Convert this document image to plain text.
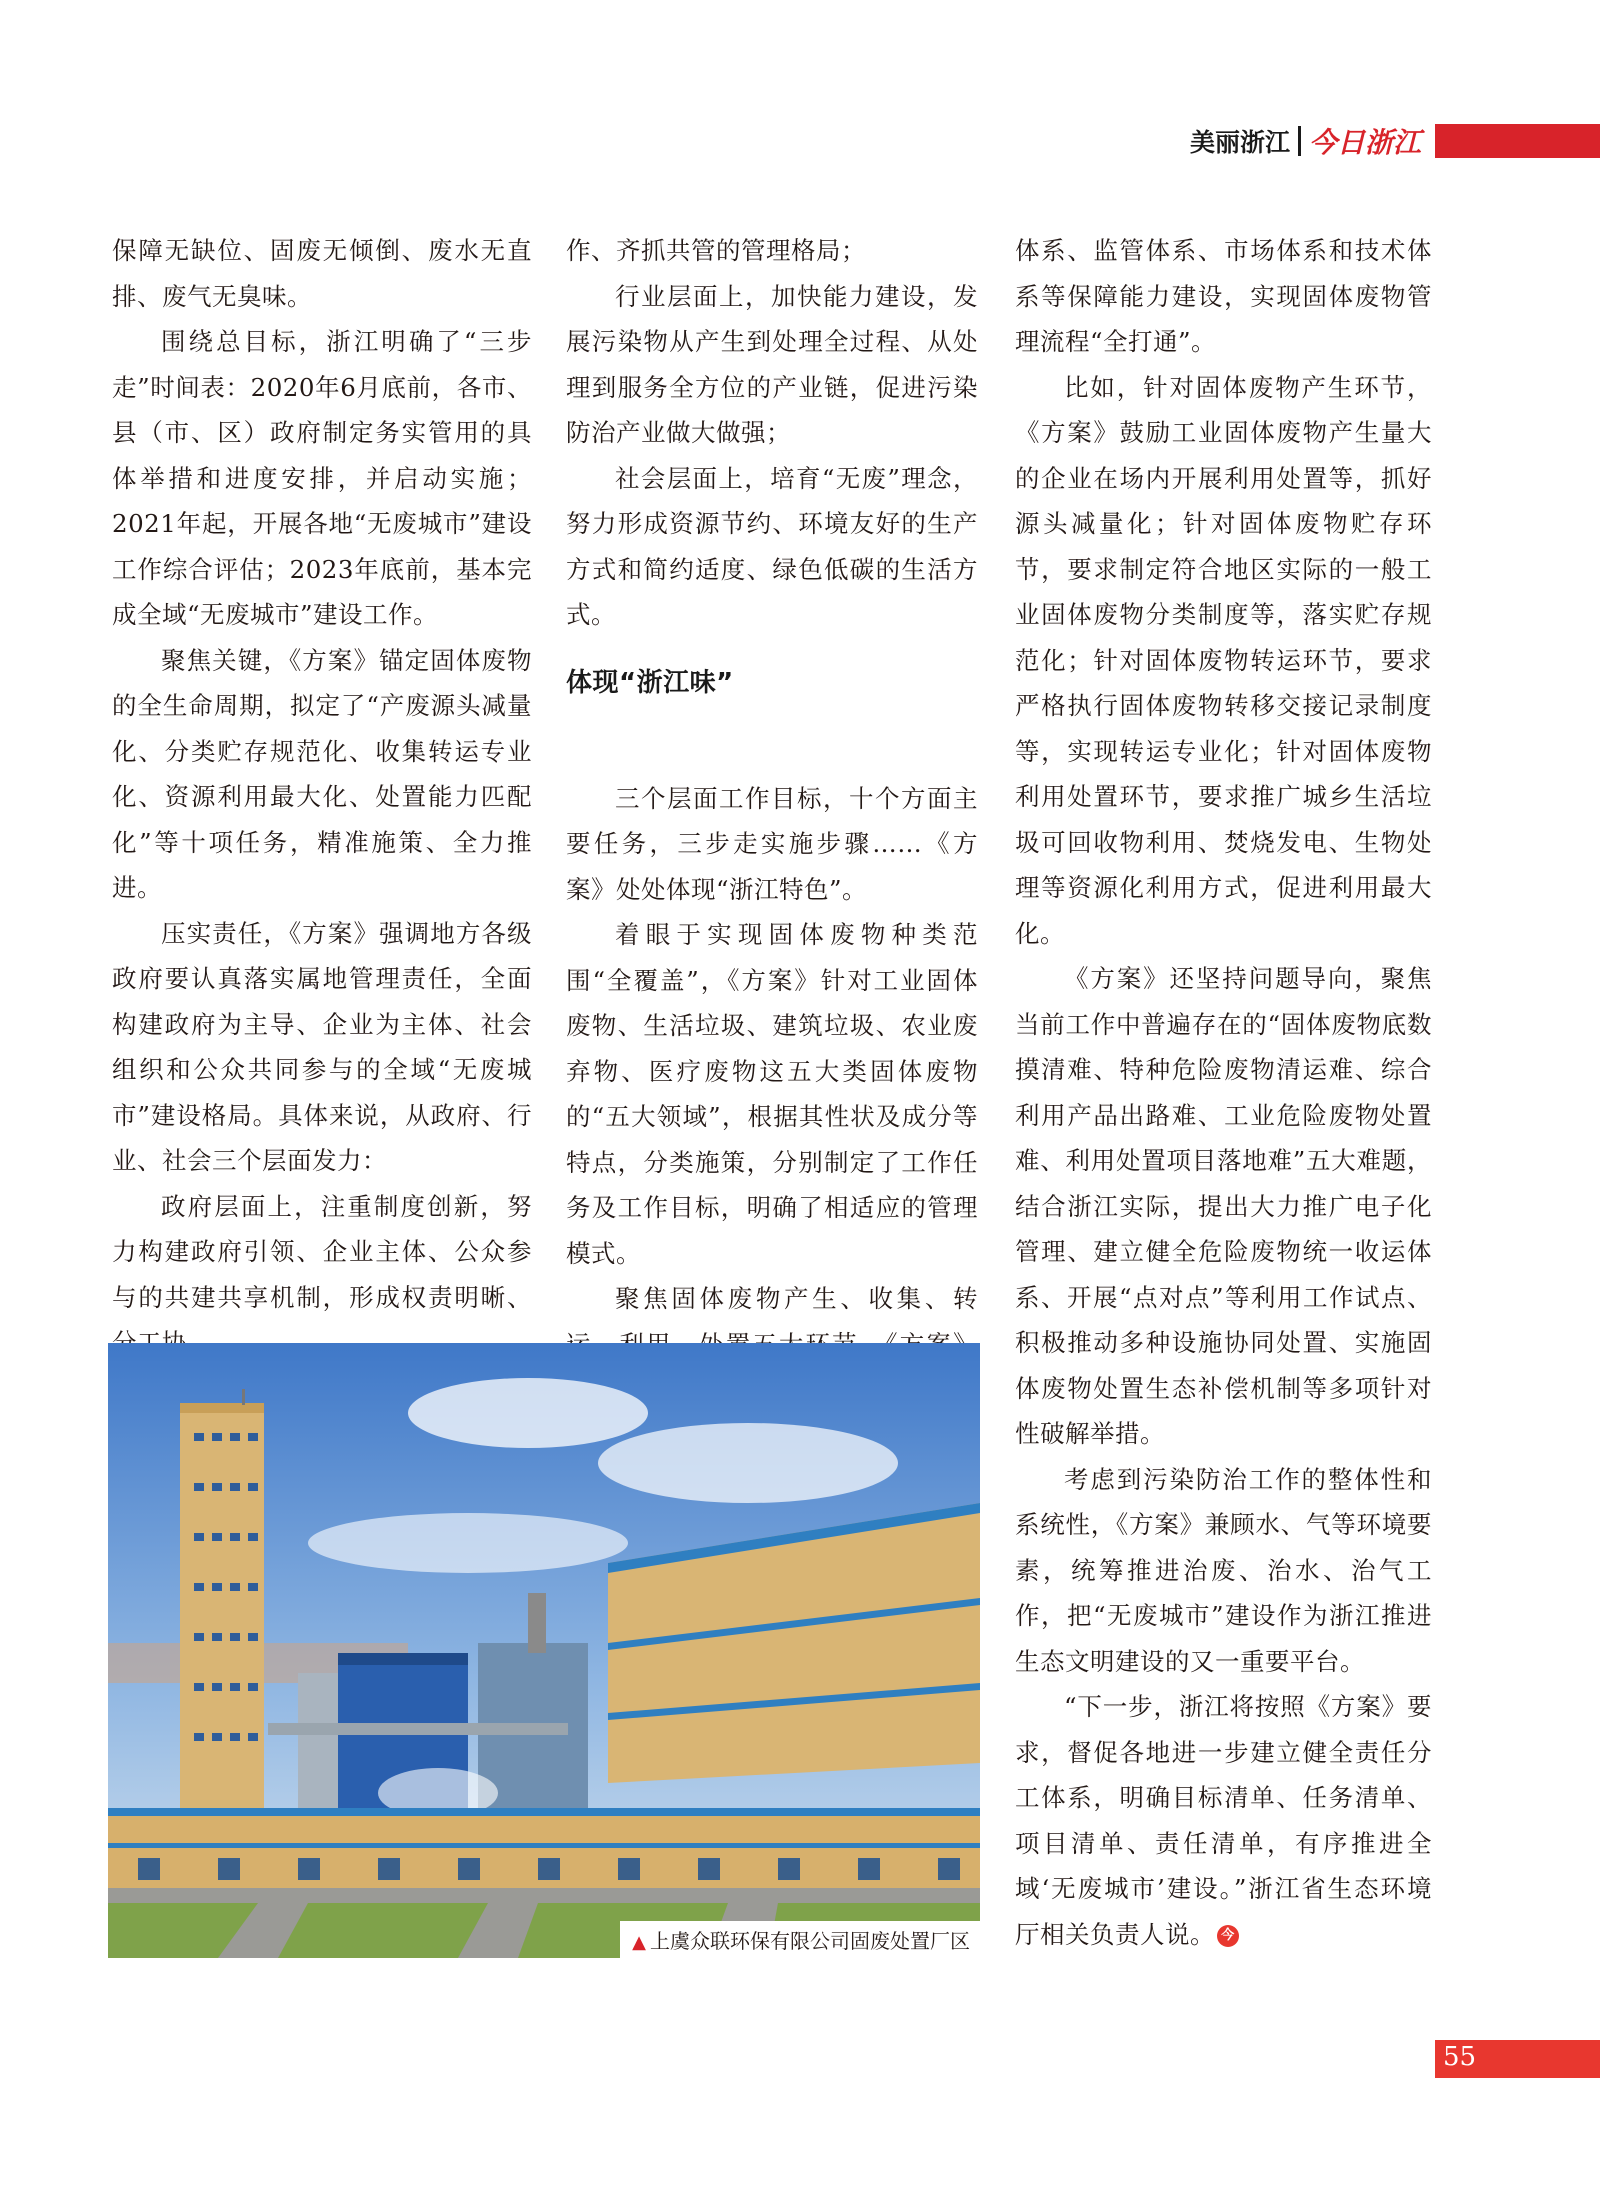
美丽浙江 今日浙江

保障无缺位、固废无倾倒、废水无直排、废气无臭味。

围绕总目标，浙江明确了“三步走”时间表：2020年6月底前，各市、县（市、区）政府制定务实管用的具体举措和进度安排，并启动实施；2021年起，开展各地“无废城市”建设工作综合评估；2023年底前，基本完成全域“无废城市”建设工作。

聚焦关键，《方案》锚定固体废物的全生命周期，拟定了“产废源头减量化、分类贮存规范化、收集转运专业化、资源利用最大化、处置能力匹配化”等十项任务，精准施策、全力推进。

压实责任，《方案》强调地方各级政府要认真落实属地管理责任，全面构建政府为主导、企业为主体、社会组织和公众共同参与的全域“无废城市”建设格局。具体来说，从政府、行业、社会三个层面发力：

政府层面上，注重制度创新，努力构建政府引领、企业主体、公众参与的共建共享机制，形成权责明晰、

作、齐抓共管的管理格局；

行业层面上，加快能力建设，发展污染物从产生到处理全过程、从处理到服务全方位的产业链，促进污染防治产业做大做强；

社会层面上，培育“无废”理念，努力形成资源节约、环境友好的生产方式和简约适度、绿色低碳的生活方式。

体现“浙江味”

三个层面工作目标，十个方面主要任务，三步走实施步骤……《方案》处处体现“浙江特色”。

着眼于实现固体废物种类范围“全覆盖”，《方案》针对工业固体废物、生活垃圾、建筑垃圾、农业废弃物、医疗废物这五大类固体废物的“五大领域”，根据其性状及成分等特点，分类施策，分别制定了工作任务及工作目标，明确了相适应的管理模式。

聚焦固体废物产生、收集、转

体系、监管体系、市场体系和技术体系等保障能力建设，实现固体废物管理流程“全打通”。

比如，针对固体废物产生环节，《方案》鼓励工业固体废物产生量大的企业在场内开展利用处置等，抓好源头减量化；针对固体废物贮存环节，要求制定符合地区实际的一般工业固体废物分类制度等，落实贮存规范化；针对固体废物转运环节，要求严格执行固体废物转移交接记录制度等，实现转运专业化；针对固体废物利用处置环节，要求推广城乡生活垃圾可回收物利用、焚烧发电、生物处理等资源化利用方式，促进利用最大化。

《方案》还坚持问题导向，聚焦当前工作中普遍存在的“固体废物底数摸清难、特种危险废物清运难、综合利用产品出路难、工业危险废物处置难、利用处置项目落地难”五大难题，结合浙江实际，提出大力推广电子化管理、建立健全危险废物统一收运体系、开展“点对点”等利用工作试点、积极推动多种设施协同处置、实施固体废物处置生态补偿机制等多项针对性破解举措。

考虑到污染防治工作的整体性和系统性，《方案》兼顾水、气等环境要素，统筹推进治废、治水、治气工作，把“无废城市”建设作为浙江推进生态文明建设的又一重要平台。

“下一步，浙江将按照《方案》要求，督促各地进一步建立健全责任分工体系，明确目标清单、任务清单、项目清单、责任清单，有序推进全域‘无废城市’建设。”浙江省生态环境厅相关负责人说。 今

▲ 上虞众联环保有限公司固废处置厂区
55
